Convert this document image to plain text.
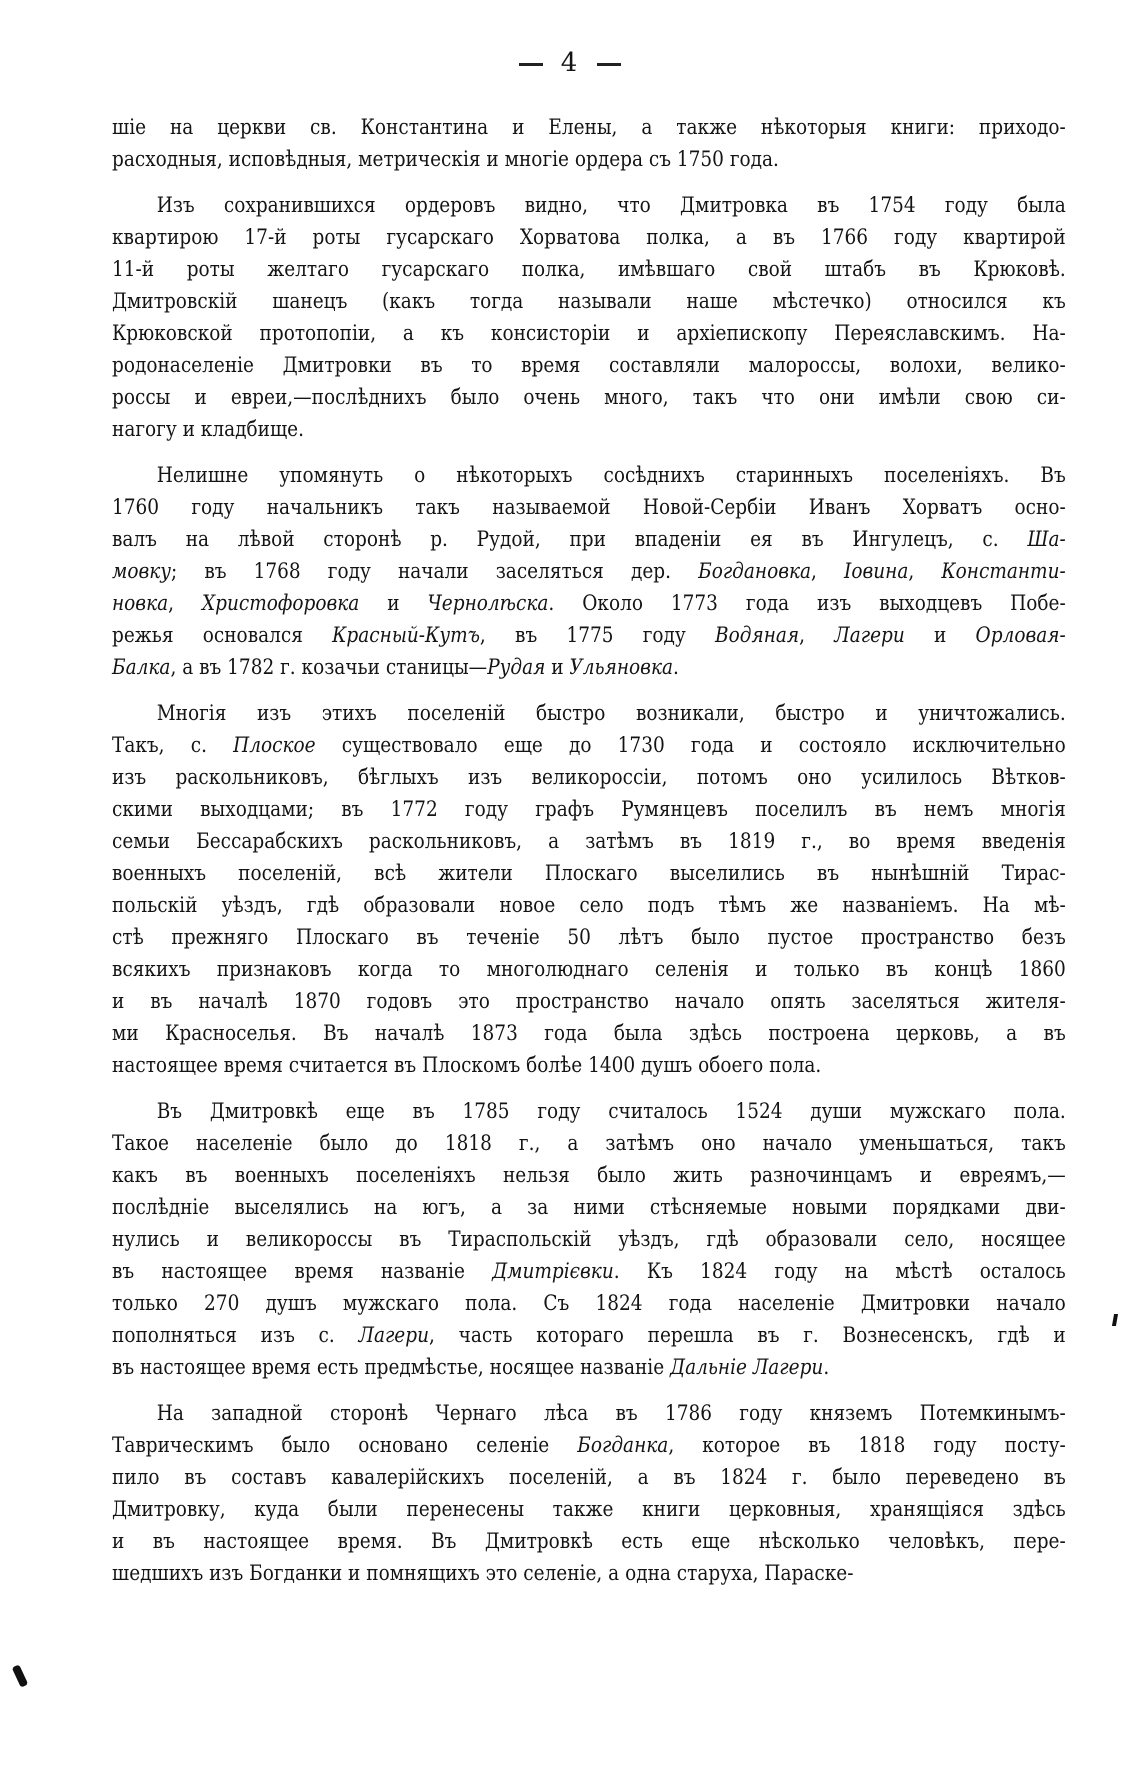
4
шіе на церкви св. Константина и Елены, а также нѣкоторыя книги: приходо-
расходныя, исповѣдныя, метрическія и многіе ордера съ 1750 года.
Изъ сохранившихся ордеровъ видно, что Дмитровка въ 1754 году была
квартирою 17-й роты гусарскаго Хорватова полка, а въ 1766 году квартирой
11-й роты желтаго гусарскаго полка, имѣвшаго свой штабъ въ Крюковѣ.
Дмитровскій шанецъ (какъ тогда называли наше мѣстечко) относился къ
Крюковской протопопіи, а къ консисторіи и архіепископу Переяславскимъ. На-
родонаселеніе Дмитровки въ то время составляли малороссы, волохи, велико-
россы и евреи,—послѣднихъ было очень много, такъ что они имѣли свою си-
нагогу и кладбище.
Нелишне упомянуть о нѣкоторыхъ сосѣднихъ старинныхъ поселеніяхъ. Въ
1760 году начальникъ такъ называемой Новой-Сербіи Иванъ Хорватъ осно-
валъ на лѣвой сторонѣ р. Рудой, при впаденіи ея въ Ингулецъ, с. Ша-
мовку; въ 1768 году начали заселяться дер. Богдановка, Іовина, Константи-
новка, Христофоровка и Чернолѣска. Около 1773 года изъ выходцевъ Побе-
режья основался Красный-Кутъ, въ 1775 году Водяная, Лагери и Орловая-
Балка, а въ 1782 г. козачьи станицы—Рудая и Ульяновка.
Многія изъ этихъ поселеній быстро возникали, быстро и уничтожались.
Такъ, с. Плоское существовало еще до 1730 года и состояло исключительно
изъ раскольниковъ, бѣглыхъ изъ великороссіи, потомъ оно усилилось Вѣтков-
скими выходцами; въ 1772 году графъ Румянцевъ поселилъ въ немъ многія
семьи Бессарабскихъ раскольниковъ, а затѣмъ въ 1819 г., во время введенія
военныхъ поселеній, всѣ жители Плоскаго выселились въ нынѣшній Тирас-
польскій уѣздъ, гдѣ образовали новое село подъ тѣмъ же названіемъ. На мѣ-
стѣ прежняго Плоскаго въ теченіе 50 лѣтъ было пустое пространство безъ
всякихъ признаковъ когда то многолюднаго селенія и только въ концѣ 1860
и въ началѣ 1870 годовъ это пространство начало опять заселяться жителя-
ми Красноселья. Въ началѣ 1873 года была здѣсь построена церковь, а въ
настоящее время считается въ Плоскомъ болѣе 1400 душъ обоего пола.
Въ Дмитровкѣ еще въ 1785 году считалось 1524 души мужскаго пола.
Такое населеніе было до 1818 г., а затѣмъ оно начало уменьшаться, такъ
какъ въ военныхъ поселеніяхъ нельзя было жить разночинцамъ и евреямъ,—
послѣдніе выселялись на югъ, а за ними стѣсняемые новыми порядками дви-
нулись и великороссы въ Тираспольскій уѣздъ, гдѣ образовали село, носящее
въ настоящее время названіе Дмитрієвки. Къ 1824 году на мѣстѣ осталось
только 270 душъ мужскаго пола. Съ 1824 года населеніе Дмитровки начало
пополняться изъ с. Лагери, часть котораго перешла въ г. Вознесенскъ, гдѣ и
въ настоящее время есть предмѣстье, носящее названіе Дальніе Лагери.
На западной сторонѣ Чернаго лѣса въ 1786 году княземъ Потемкинымъ-
Таврическимъ было основано селеніе Богданка, которое въ 1818 году посту-
пило въ составъ кавалерійскихъ поселеній, а въ 1824 г. было переведено въ
Дмитровку, куда были перенесены также книги церковныя, хранящіяся здѣсь
и въ настоящее время. Въ Дмитровкѣ есть еще нѣсколько человѣкъ, пере-
шедшихъ изъ Богданки и помнящихъ это селеніе, а одна старуха, Параске-
